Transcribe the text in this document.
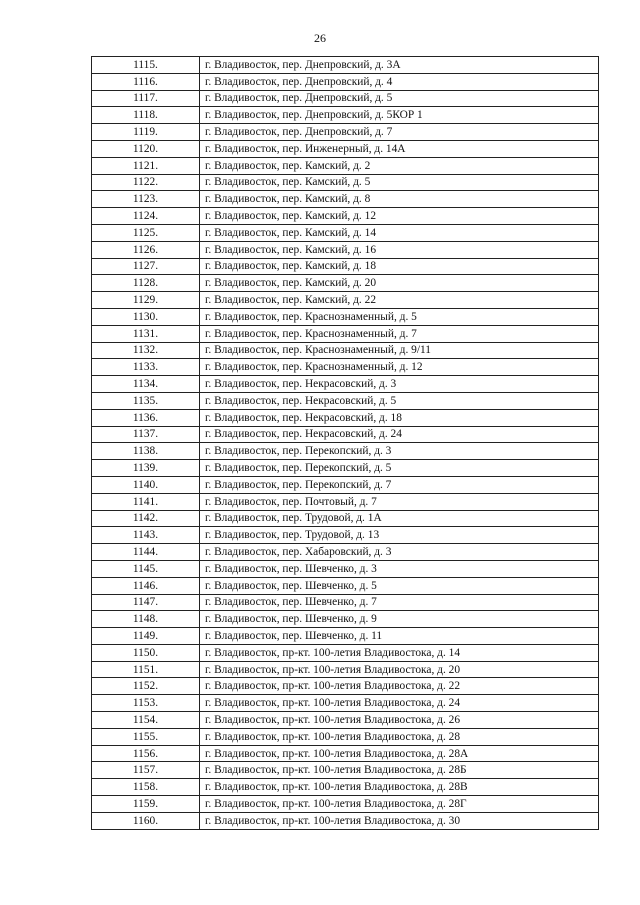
26
1115.	г. Владивосток, пер. Днепровский, д. 3А
1116.	г. Владивосток, пер. Днепровский, д. 4
1117.	г. Владивосток, пер. Днепровский, д. 5
1118.	г. Владивосток, пер. Днепровский, д. 5КОР 1
1119.	г. Владивосток, пер. Днепровский, д. 7
1120.	г. Владивосток, пер. Инженерный, д. 14А
1121.	г. Владивосток, пер. Камский, д. 2
1122.	г. Владивосток, пер. Камский, д. 5
1123.	г. Владивосток, пер. Камский, д. 8
1124.	г. Владивосток, пер. Камский, д. 12
1125.	г. Владивосток, пер. Камский, д. 14
1126.	г. Владивосток, пер. Камский, д. 16
1127.	г. Владивосток, пер. Камский, д. 18
1128.	г. Владивосток, пер. Камский, д. 20
1129.	г. Владивосток, пер. Камский, д. 22
1130.	г. Владивосток, пер. Краснознаменный, д. 5
1131.	г. Владивосток, пер. Краснознаменный, д. 7
1132.	г. Владивосток, пер. Краснознаменный, д. 9/11
1133.	г. Владивосток, пер. Краснознаменный, д. 12
1134.	г. Владивосток, пер. Некрасовский, д. 3
1135.	г. Владивосток, пер. Некрасовский, д. 5
1136.	г. Владивосток, пер. Некрасовский, д. 18
1137.	г. Владивосток, пер. Некрасовский, д. 24
1138.	г. Владивосток, пер. Перекопский, д. 3
1139.	г. Владивосток, пер. Перекопский, д. 5
1140.	г. Владивосток, пер. Перекопский, д. 7
1141.	г. Владивосток, пер. Почтовый, д. 7
1142.	г. Владивосток, пер. Трудовой, д. 1А
1143.	г. Владивосток, пер. Трудовой, д. 13
1144.	г. Владивосток, пер. Хабаровский, д. 3
1145.	г. Владивосток, пер. Шевченко, д. 3
1146.	г. Владивосток, пер. Шевченко, д. 5
1147.	г. Владивосток, пер. Шевченко, д. 7
1148.	г. Владивосток, пер. Шевченко, д. 9
1149.	г. Владивосток, пер. Шевченко, д. 11
1150.	г. Владивосток, пр-кт. 100-летия Владивостока, д. 14
1151.	г. Владивосток, пр-кт. 100-летия Владивостока, д. 20
1152.	г. Владивосток, пр-кт. 100-летия Владивостока, д. 22
1153.	г. Владивосток, пр-кт. 100-летия Владивостока, д. 24
1154.	г. Владивосток, пр-кт. 100-летия Владивостока, д. 26
1155.	г. Владивосток, пр-кт. 100-летия Владивостока, д. 28
1156.	г. Владивосток, пр-кт. 100-летия Владивостока, д. 28А
1157.	г. Владивосток, пр-кт. 100-летия Владивостока, д. 28Б
1158.	г. Владивосток, пр-кт. 100-летия Владивостока, д. 28В
1159.	г. Владивосток, пр-кт. 100-летия Владивостока, д. 28Г
1160.	г. Владивосток, пр-кт. 100-летия Владивостока, д. 30
